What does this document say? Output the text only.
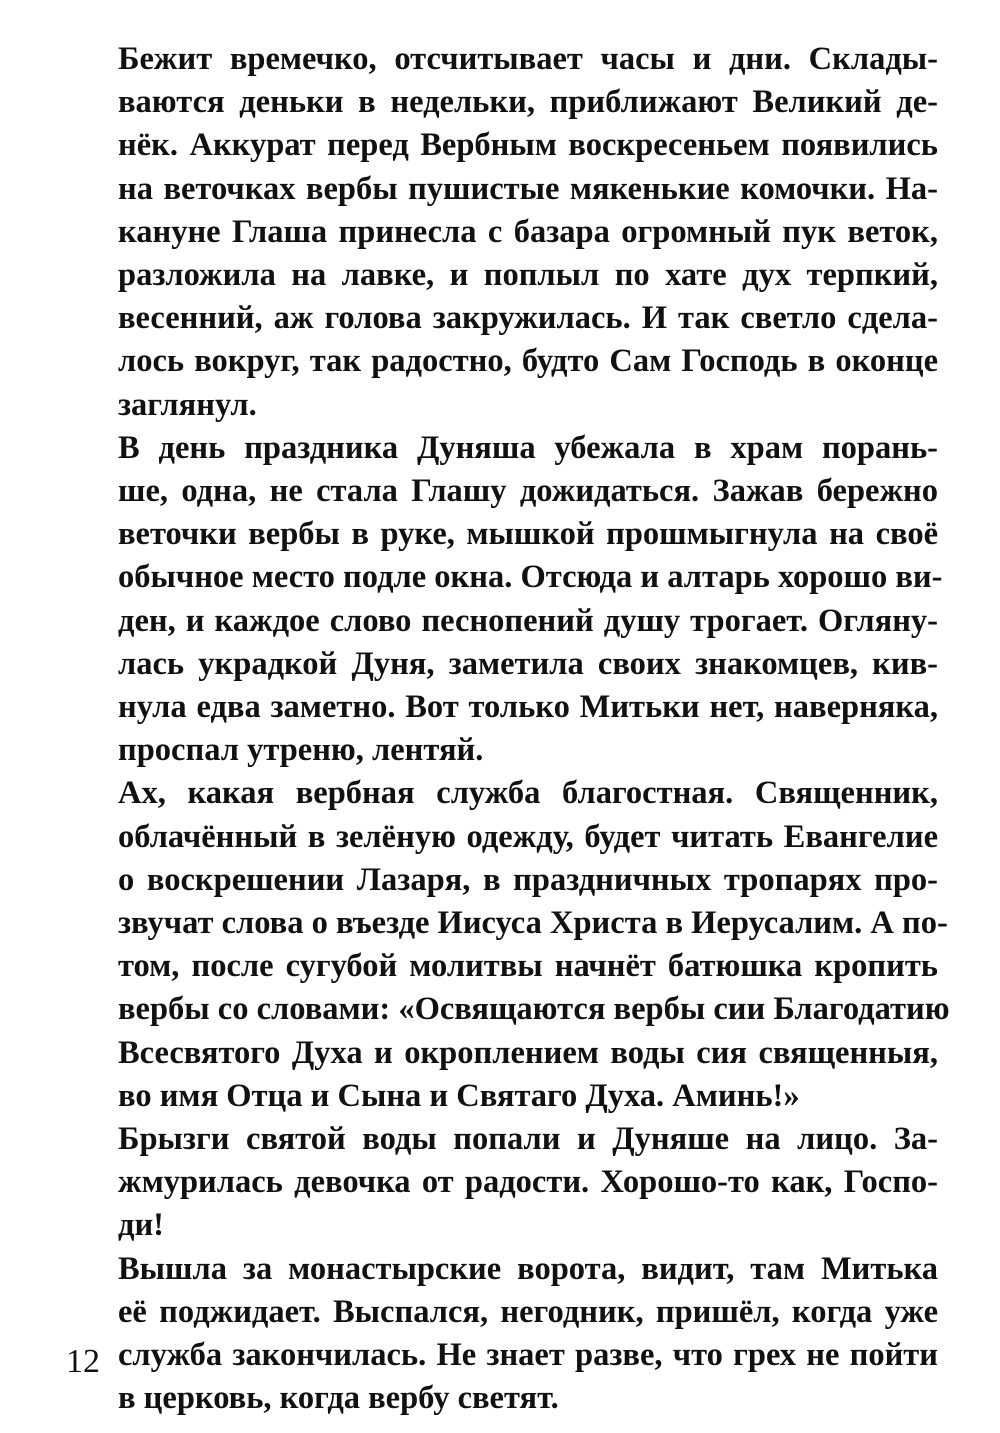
Бежит времечко, отсчитывает часы и дни. Склады-
ваются деньки в недельки, приближают Великий де-
нёк. Аккурат перед Вербным воскресеньем появились
на веточках вербы пушистые мякенькие комочки. На-
кануне Глаша принесла с базара огромный пук веток,
разложила на лавке, и поплыл по хате дух терпкий,
весенний, аж голова закружилась. И так светло сдела-
лось вокруг, так радостно, будто Сам Господь в оконце
заглянул.

В день праздника Дуняша убежала в храм порань-
ше, одна, не стала Глашу дожидаться. Зажав бережно
веточки вербы в руке, мышкой прошмыгнула на своё
обычное место подле окна. Отсюда и алтарь хорошо ви-
ден, и каждое слово песнопений душу трогает. Огляну-
лась украдкой Дуня, заметила своих знакомцев, кив-
нула едва заметно. Вот только Митьки нет, наверняка,
проспал утреню, лентяй.

Ах, какая вербная служба благостная. Священник,
облачённый в зелёную одежду, будет читать Евангелие
о воскрешении Лазаря, в праздничных тропарях про-
звучат слова о въезде Иисуса Христа в Иерусалим. А по-
том, после сугубой молитвы начнёт батюшка кропить
вербы со словами: «Освящаются вербы сии Благодатию
Всесвятого Духа и окроплением воды сия священныя,
во имя Отца и Сына и Святаго Духа. Аминь!»

Брызги святой воды попали и Дуняше на лицо. За-
жмурилась девочка от радости. Хорошо-то как, Госпо-
ди!

Вышла за монастырские ворота, видит, там Митька
её поджидает. Выспался, негодник, пришёл, когда уже
служба закончилась. Не знает разве, что грех не пойти
в церковь, когда вербу светят.

12
